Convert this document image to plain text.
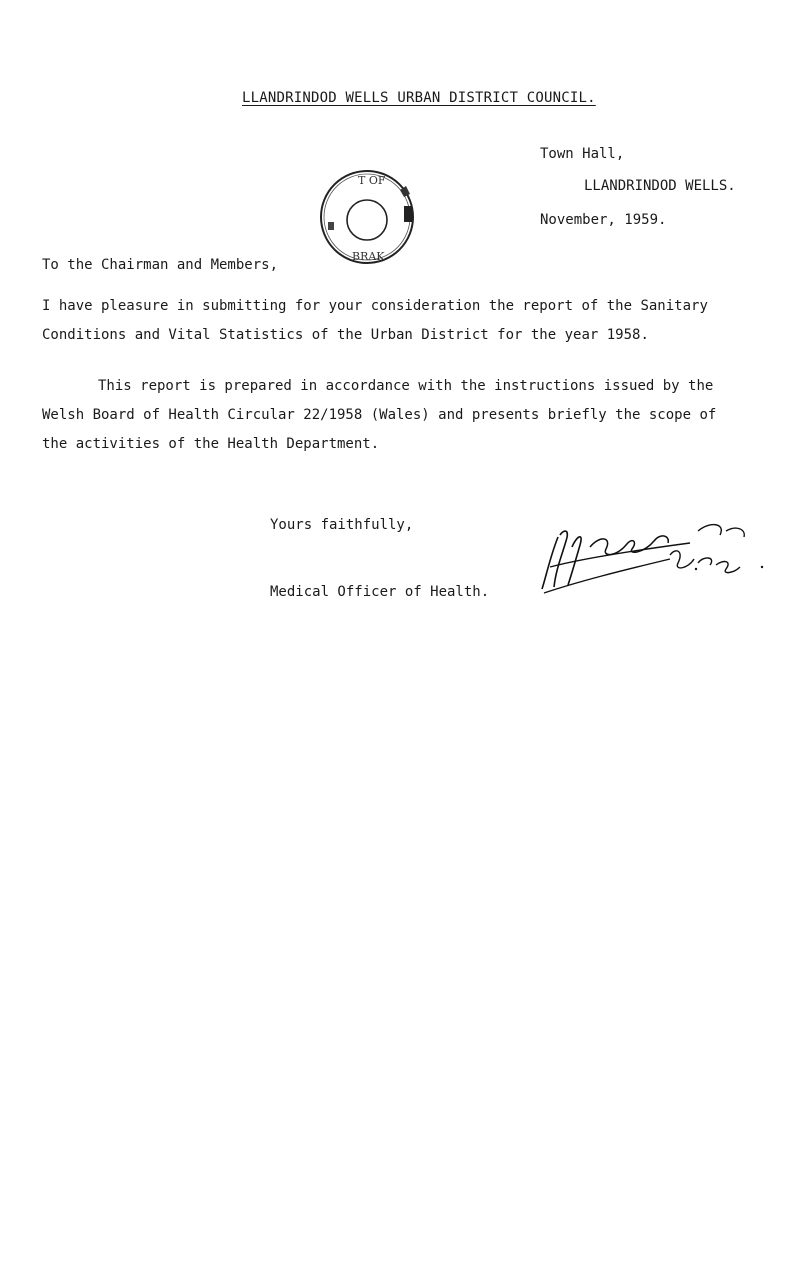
LLANDRINDOD WELLS URBAN DISTRICT COUNCIL.
T OF
BRAK
Town Hall,
LLANDRINDOD WELLS.
November, 1959.
To the Chairman and Members,

I have pleasure in submitting for your consideration the report of the Sanitary Conditions and Vital Statistics of the Urban District for the year 1958.

This report is prepared in accordance with the instructions issued by the Welsh Board of Health Circular 22/1958 (Wales) and presents briefly the scope of the activities of the Health Department.

Yours faithfully,
Medical Officer of Health.
